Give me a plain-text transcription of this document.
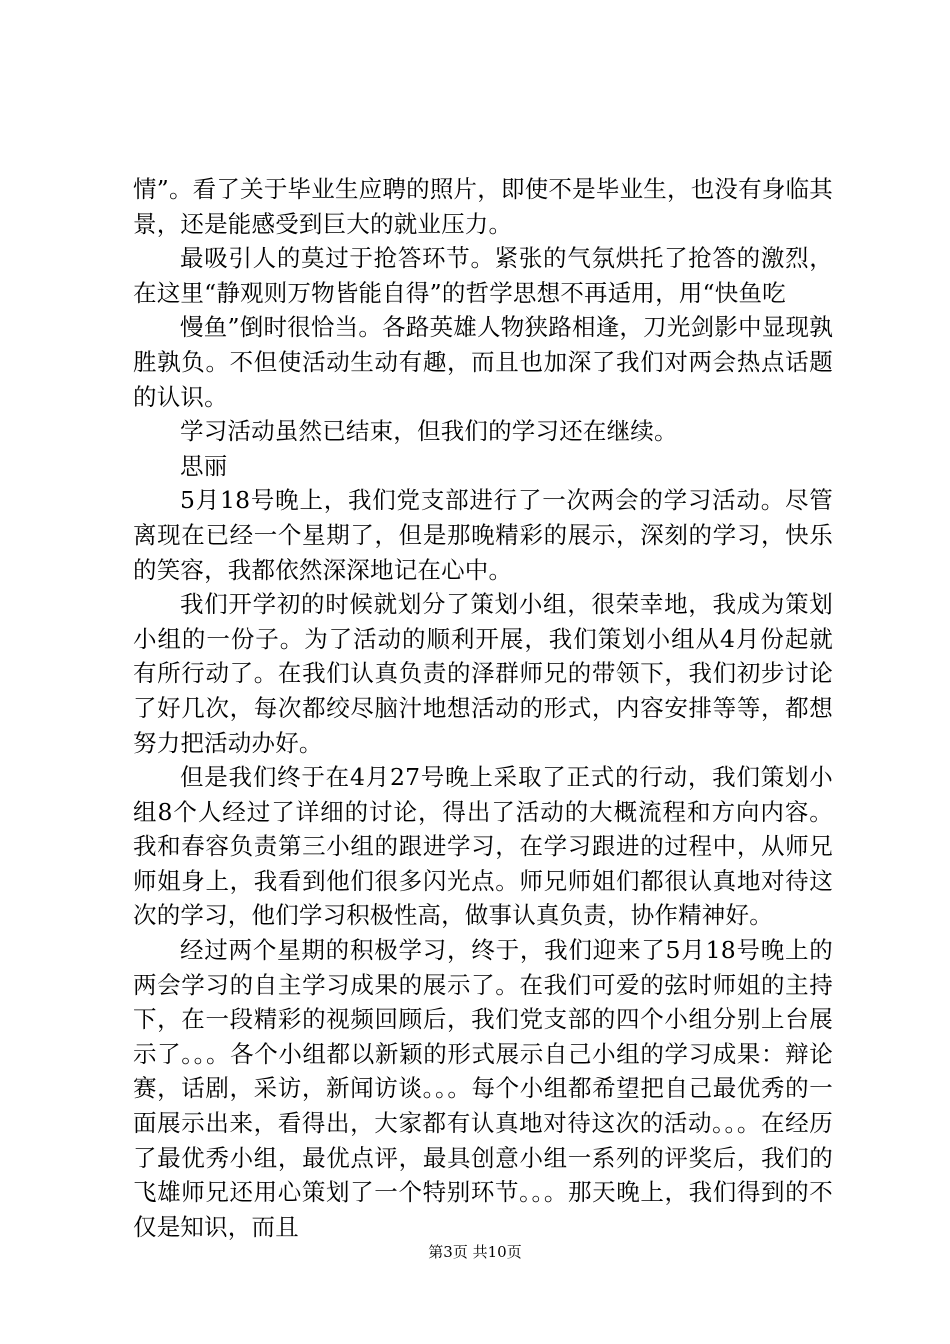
情”。看了关于毕业生应聘的照片，即使不是毕业生，也没有身临其景，还是能感受到巨大的就业压力。

最吸引人的莫过于抢答环节。紧张的气氛烘托了抢答的激烈，在这里“静观则万物皆能自得”的哲学思想不再适用，用“快鱼吃

慢鱼”倒时很恰当。各路英雄人物狭路相逢，刀光剑影中显现孰胜孰负。不但使活动生动有趣，而且也加深了我们对两会热点话题的认识。

学习活动虽然已结束，但我们的学习还在继续。

思丽

5月18号晚上，我们党支部进行了一次两会的学习活动。尽管离现在已经一个星期了，但是那晚精彩的展示，深刻的学习，快乐的笑容，我都依然深深地记在心中。

我们开学初的时候就划分了策划小组，很荣幸地，我成为策划小组的一份子。为了活动的顺利开展，我们策划小组从4月份起就有所行动了。在我们认真负责的泽群师兄的带领下，我们初步讨论了好几次，每次都绞尽脑汁地想活动的形式，内容安排等等，都想努力把活动办好。

但是我们终于在4月27号晚上采取了正式的行动，我们策划小组8个人经过了详细的讨论，得出了活动的大概流程和方向内容。我和春容负责第三小组的跟进学习，在学习跟进的过程中，从师兄师姐身上，我看到他们很多闪光点。师兄师姐们都很认真地对待这次的学习，他们学习积极性高，做事认真负责，协作精神好。

经过两个星期的积极学习，终于，我们迎来了5月18号晚上的两会学习的自主学习成果的展示了。在我们可爱的弦时师姐的主持下，在一段精彩的视频回顾后，我们党支部的四个小组分别上台展示了。。。各个小组都以新颖的形式展示自己小组的学习成果：辩论赛，话剧，采访，新闻访谈。。。每个小组都希望把自己最优秀的一面展示出来，看得出，大家都有认真地对待这次的活动。。。在经历了最优秀小组，最优点评，最具创意小组一系列的评奖后，我们的飞雄师兄还用心策划了一个特别环节。。。那天晚上，我们得到的不仅是知识，而且

第3页 共10页
